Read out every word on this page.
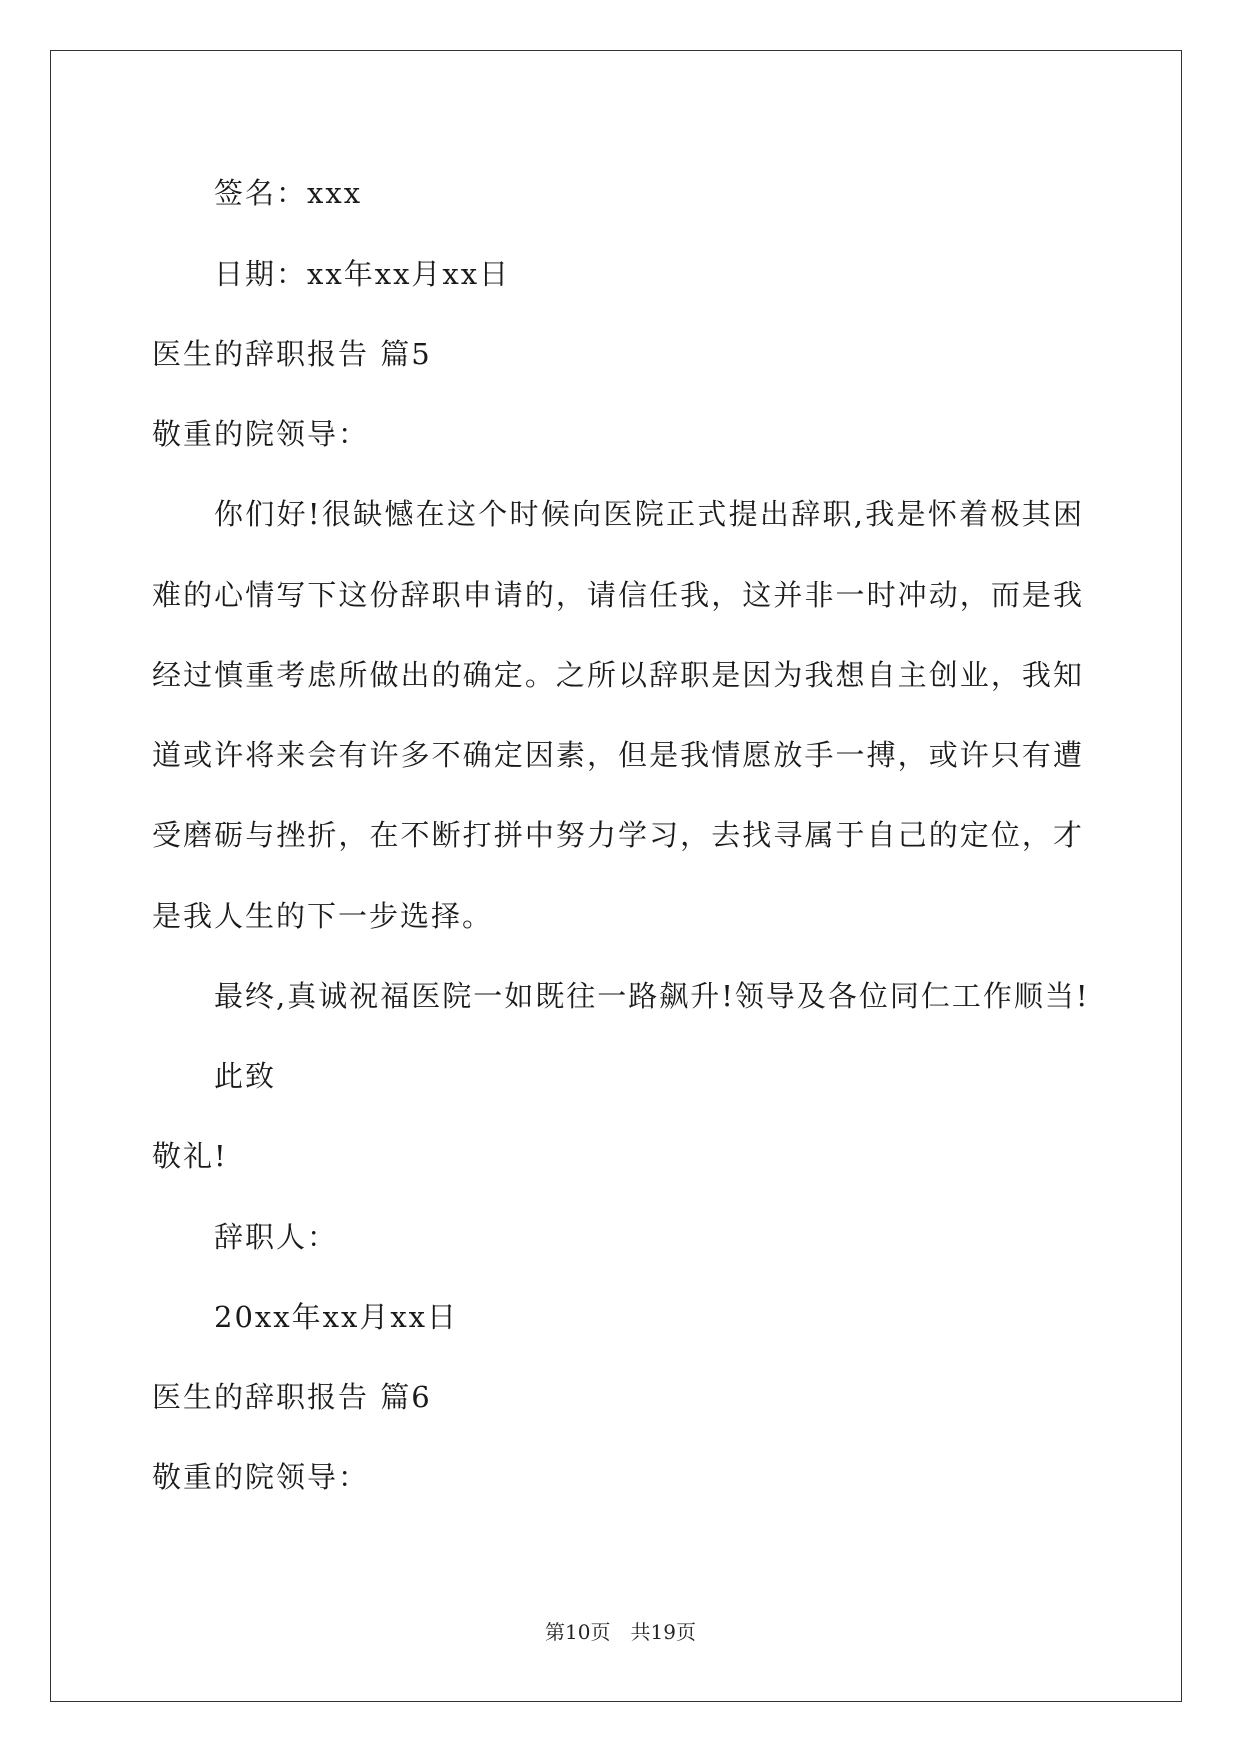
签名：xxx
日期：xx年xx月xx日
医生的辞职报告 篇5
敬重的院领导：
你们好!很缺憾在这个时候向医院正式提出辞职,我是怀着极其困
难的心情写下这份辞职申请的，请信任我，这并非一时冲动，而是我
经过慎重考虑所做出的确定。之所以辞职是因为我想自主创业，我知
道或许将来会有许多不确定因素，但是我情愿放手一搏，或许只有遭
受磨砺与挫折，在不断打拼中努力学习，去找寻属于自己的定位，才
是我人生的下一步选择。
最终,真诚祝福医院一如既往一路飙升!领导及各位同仁工作顺当!
此致
敬礼!
辞职人：
20xx年xx月xx日
医生的辞职报告 篇6
敬重的院领导：
第10页　共19页
